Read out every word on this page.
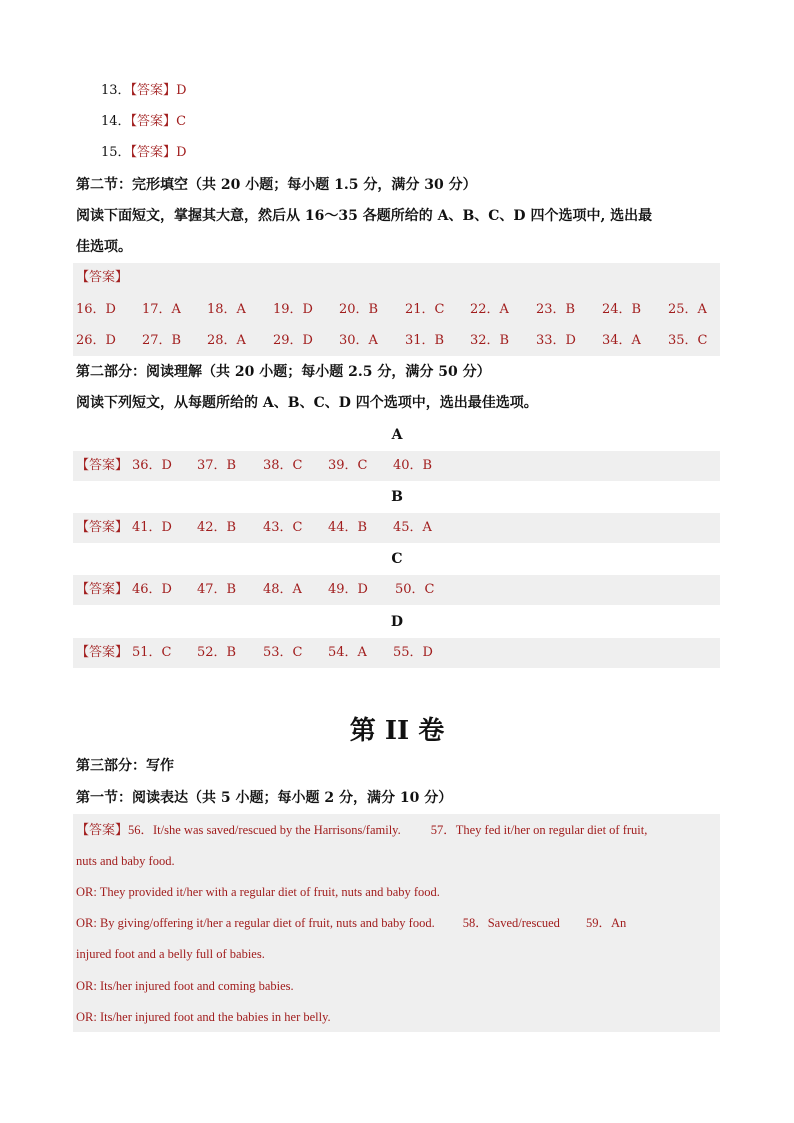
13．【答案】D
14．【答案】C
15．【答案】D
第二节：完形填空（共 20 小题；每小题 1.5 分，满分 30 分）
阅读下面短文，掌握其大意，然后从 16～35 各题所给的 A、B、C、D 四个选项中, 选出最
佳选项。
【答案】
16．D 17．A 18．A 19．D 20．B 21．C 22．A 23．B 24．B 25．A
26．D 27．B 28．A 29．D 30．A 31．B 32．B 33．D 34．A 35．C
第二部分：阅读理解（共 20 小题；每小题 2.5 分，满分 50 分）
阅读下列短文，从每题所给的 A、B、C、D 四个选项中，选出最佳选项。
A
【答案】 36．D 37．B 38．C 39．C 40．B
B
【答案】 41．D 42．B 43．C 44．B 45．A
C
【答案】 46．D 47．B 48．A 49．D 50．C
D
【答案】 51．C 52．B 53．C 54．A 55．D
第 II 卷
第三部分：写作
第一节：阅读表达（共 5 小题；每小题 2 分，满分 10 分）
【答案】56．It/she was saved/rescued by the Harrisons/family. 57．They fed it/her on regular diet of fruit,
nuts and baby food.
OR: They provided it/her with a regular diet of fruit, nuts and baby food.
OR: By giving/offering it/her a regular diet of fruit, nuts and baby food. 58．Saved/rescued 59．An
injured foot and a belly full of babies.
OR: Its/her injured foot and coming babies.
OR: Its/her injured foot and the babies in her belly.
